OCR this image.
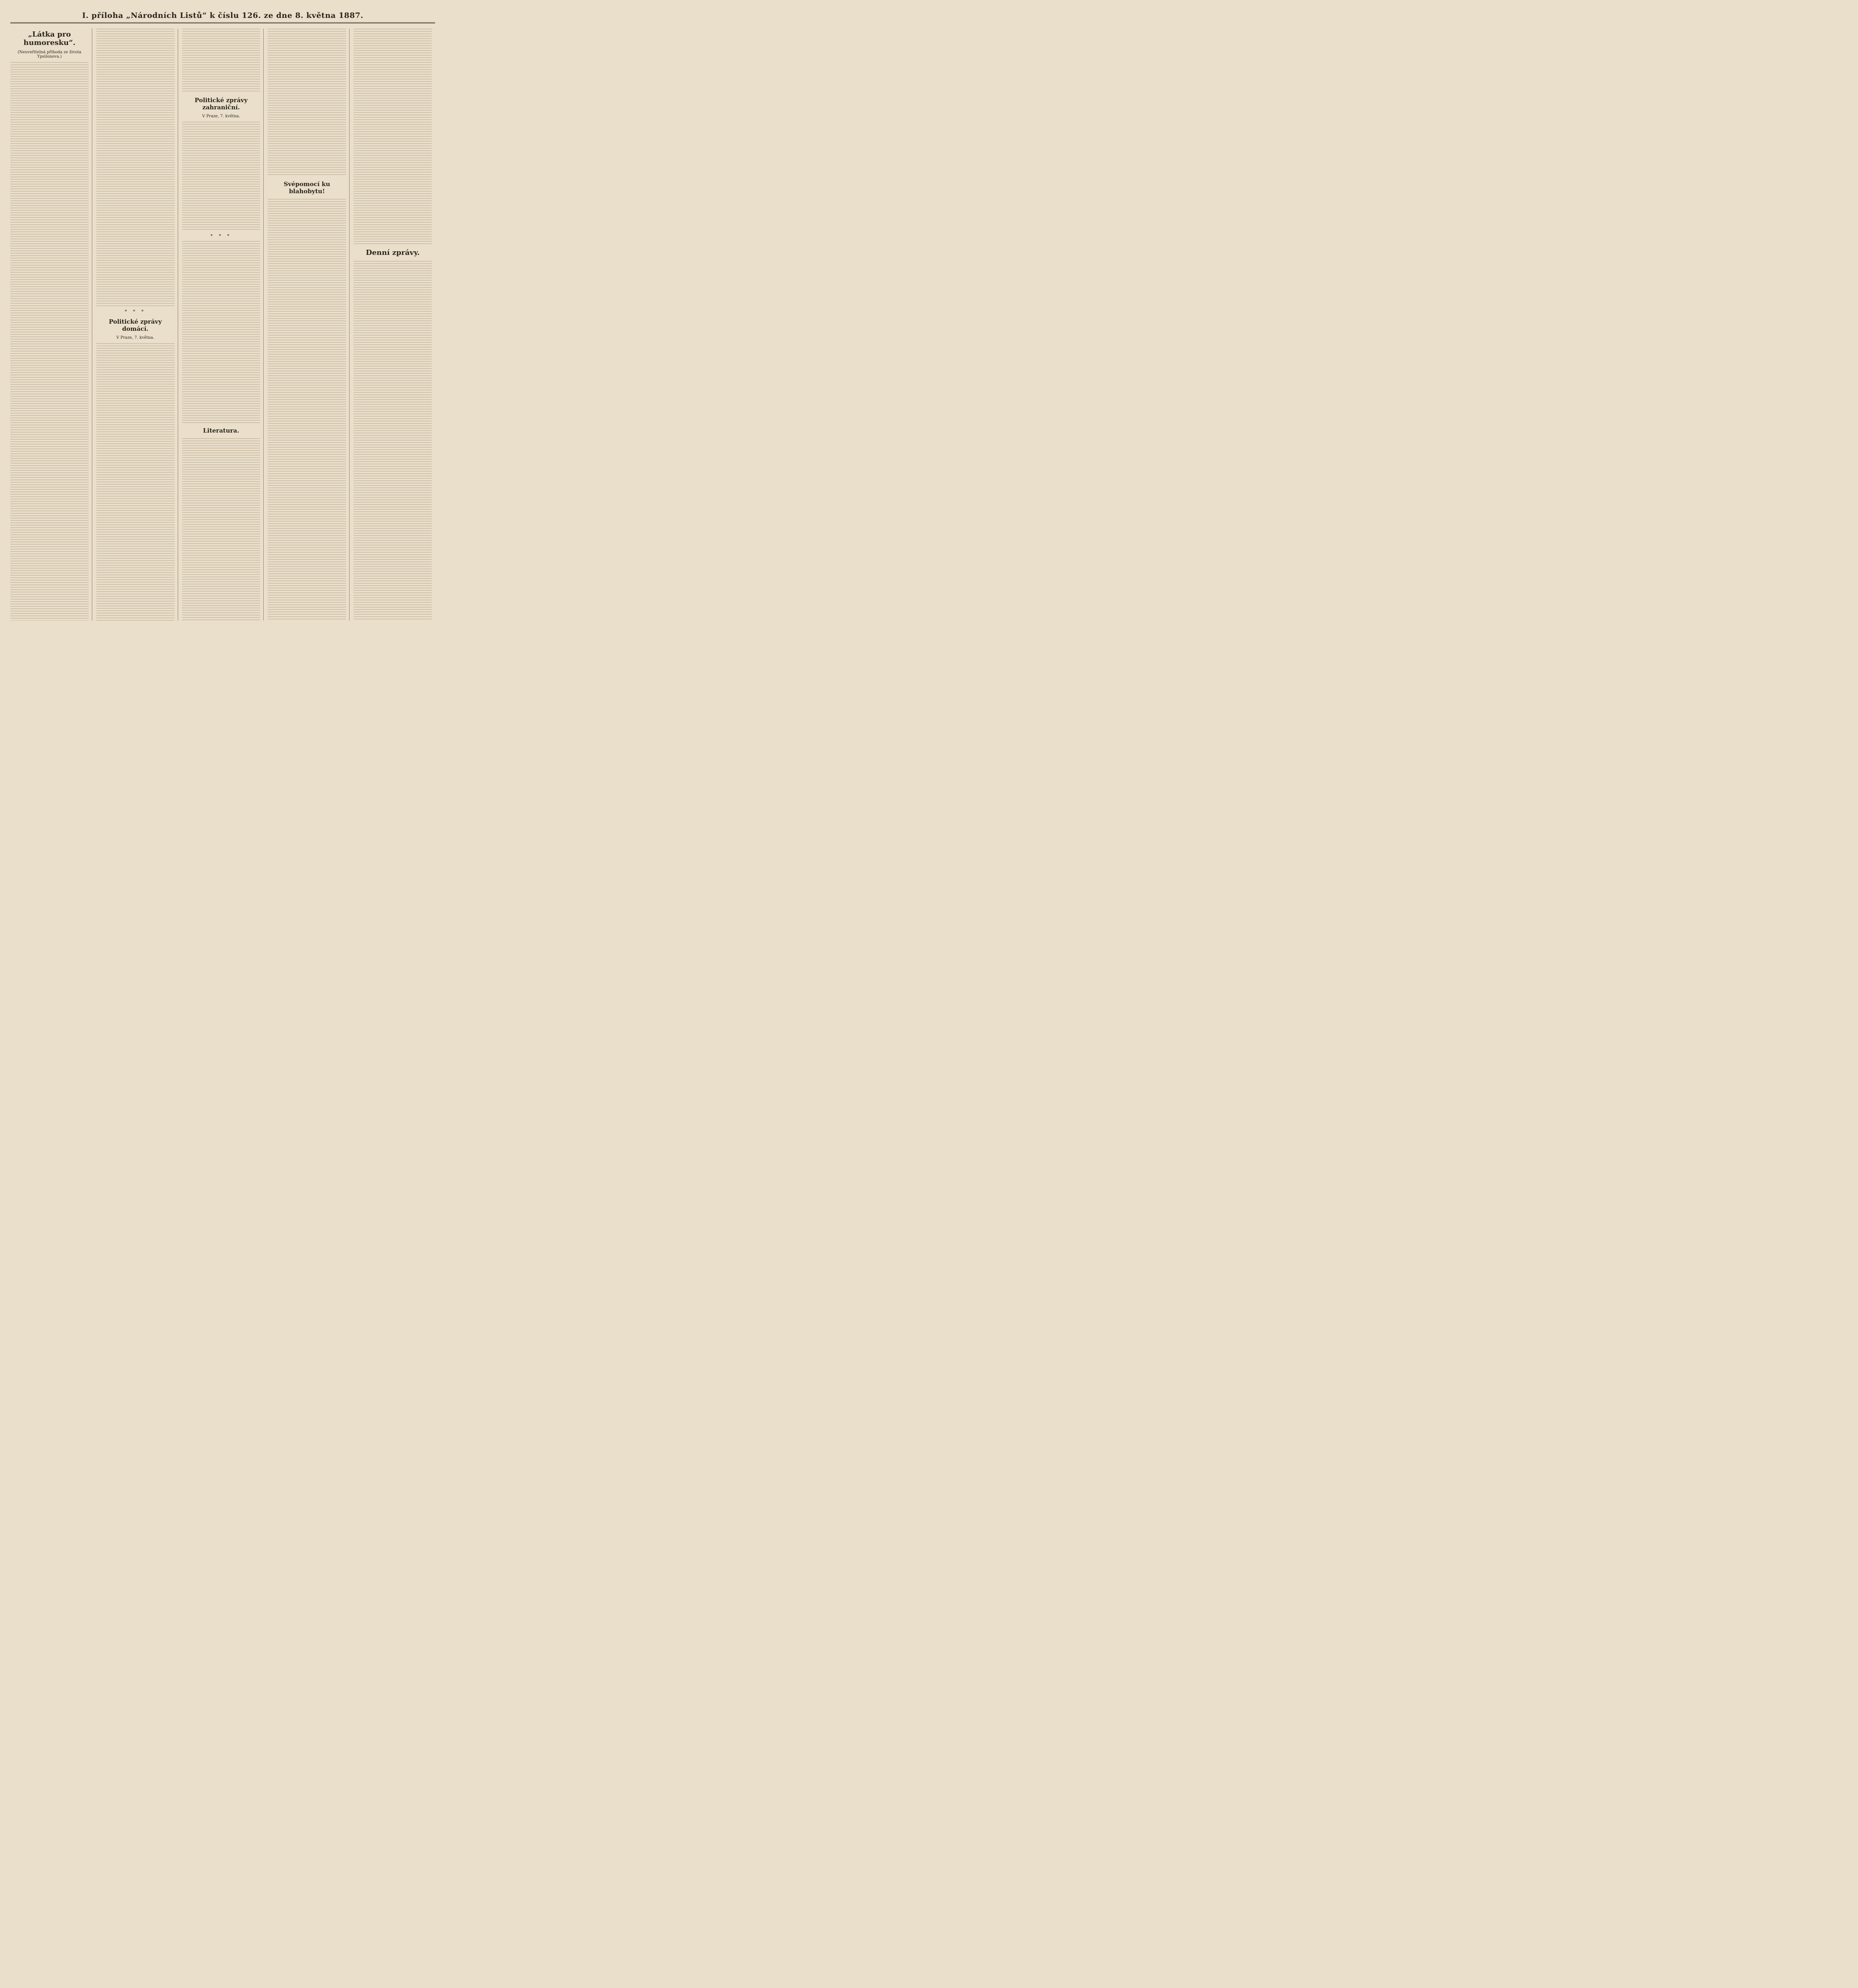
I. příloha „Národních Listů“ k číslu 126. ze dne 8. května 1887.
„Látka pro humoresku“.
(Neuveřitelná příhoda ze života Ypsilonova.)
* * *
Politické zprávy domácí.
V Praze, 7. května.
Politické zprávy zahraniční.
V Praze, 7. května.
* * *
Literatura.
Svépomocí ku blahobytu!
Denní zprávy.
